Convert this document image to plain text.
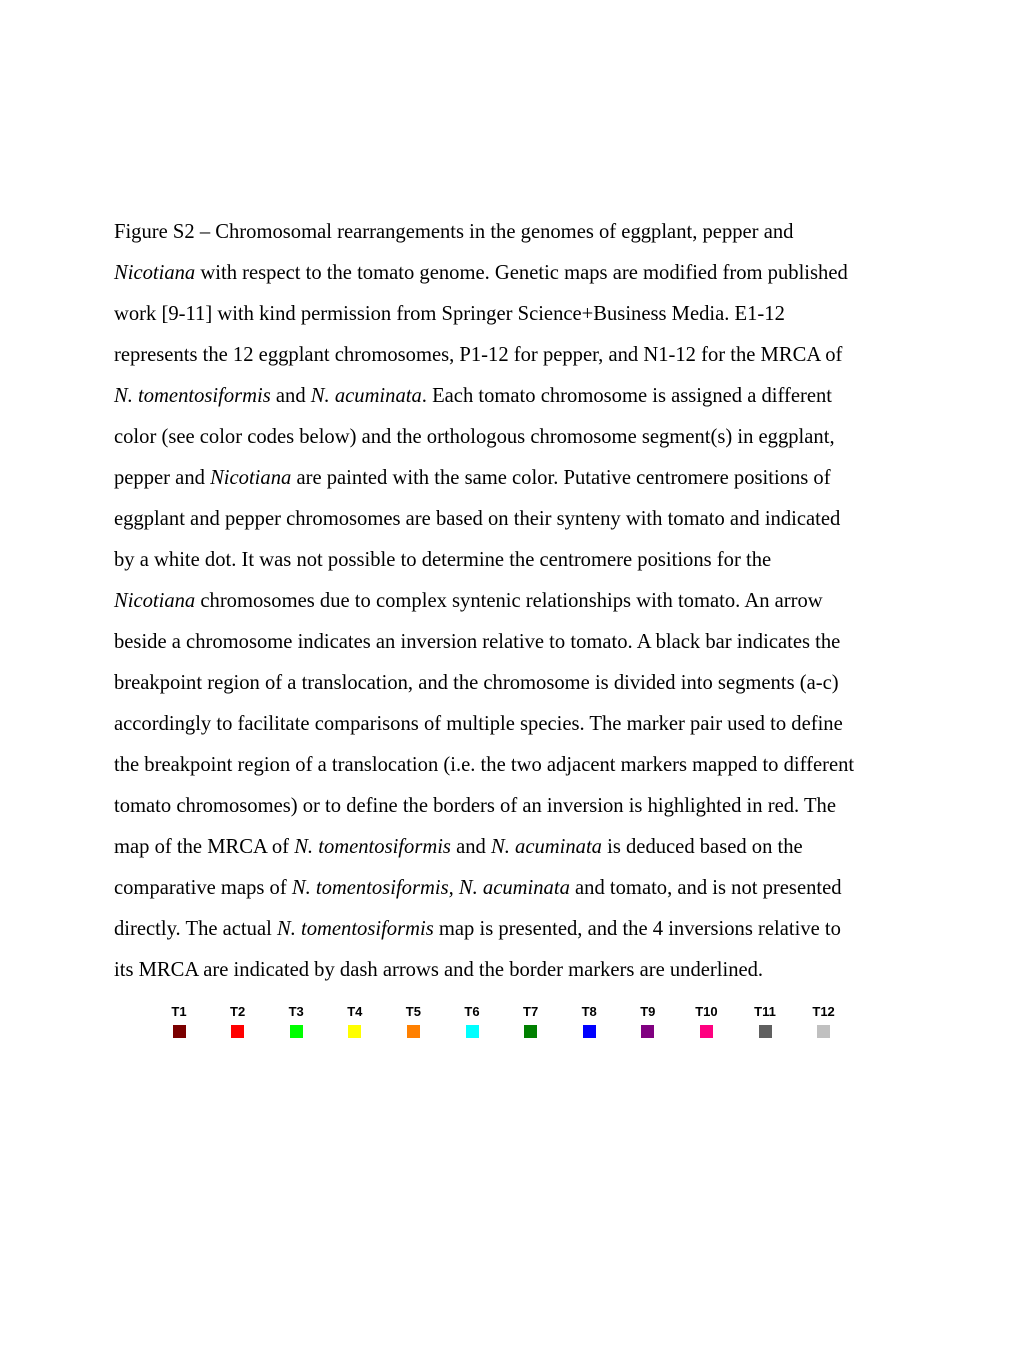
Figure S2 – Chromosomal rearrangements in the genomes of eggplant, pepper and
Nicotiana with respect to the tomato genome. Genetic maps are modified from published
work [9-11] with kind permission from Springer Science+Business Media. E1-12
represents the 12 eggplant chromosomes, P1-12 for pepper, and N1-12 for the MRCA of
N. tomentosiformis and N. acuminata. Each tomato chromosome is assigned a different
color (see color codes below) and the orthologous chromosome segment(s) in eggplant,
pepper and Nicotiana are painted with the same color. Putative centromere positions of
eggplant and pepper chromosomes are based on their synteny with tomato and indicated
by a white dot. It was not possible to determine the centromere positions for the
Nicotiana chromosomes due to complex syntenic relationships with tomato. An arrow
beside a chromosome indicates an inversion relative to tomato. A black bar indicates the
breakpoint region of a translocation, and the chromosome is divided into segments (a-c)
accordingly to facilitate comparisons of multiple species. The marker pair used to define
the breakpoint region of a translocation (i.e. the two adjacent markers mapped to different
tomato chromosomes) or to define the borders of an inversion is highlighted in red. The
map of the MRCA of N. tomentosiformis and N. acuminata is deduced based on the
comparative maps of N. tomentosiformis, N. acuminata and tomato, and is not presented
directly. The actual N. tomentosiformis map is presented, and the 4 inversions relative to
its MRCA are indicated by dash arrows and the border markers are underlined.
T1	T2	T3	T4	T5	T6	T7	T8	T9	T10	T11	T12
